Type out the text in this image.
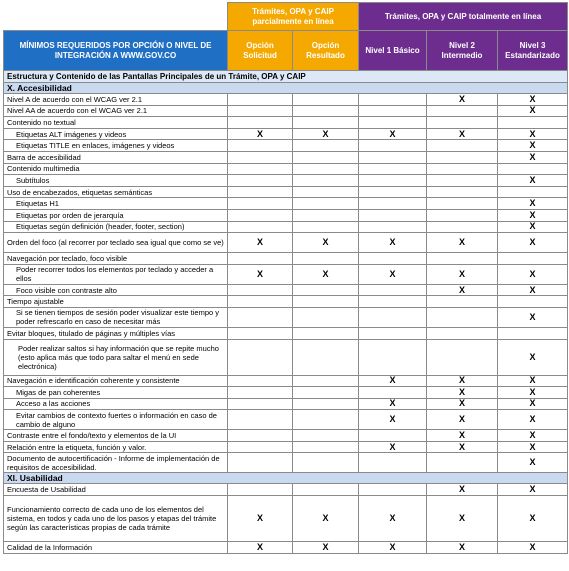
	Trámites, OPA y CAIP parcialmente en línea		Trámites, OPA y CAIP totalmente en línea		
MÍNIMOS REQUERIDOS POR OPCIÓN O NIVEL DE INTEGRACIÓN A WWW.GOV.CO	Opción Solicitud	Opción Resultado	Nivel 1 Básico	Nivel 2 Intermedio	Nivel 3 Estandarizado
Estructura y Contenido de las Pantallas Principales de un Trámite, OPA y CAIP					
X. Accesibilidad					
Nivel A de acuerdo con el WCAG ver 2.1				X	X
Nivel AA de acuerdo con el WCAG ver 2.1					X
Contenido no textual					
Etiquetas ALT imágenes y videos	X	X	X	X	X
Etiquetas TITLE en enlaces, imágenes y videos					X
Barra de accesibilidad					X
Contenido multimedia					
Subtítulos					X
Uso de encabezados, etiquetas semánticas					
Etiquetas H1					X
Etiquetas por orden de jerarquía					X
Etiquetas según definición (header, footer, section)					X
Orden del foco (al recorrer por teclado sea igual que como se ve)	X	X	X	X	X
Navegación por teclado, foco visible					
Poder recorrer todos los elementos por teclado y acceder a ellos	X	X	X	X	X
Foco visible con contraste alto				X	X
Tiempo ajustable					
Si se tienen tiempos de sesión poder visualizar este tiempo y poder refrescarlo en caso de necesitar más					X
Evitar bloques, titulado de páginas y múltiples vías					
Poder realizar saltos si hay información que se repite mucho (esto aplica más que todo para saltar el menú en sede electrónica)					X
Navegación e identificación coherente y consistente			X	X	X
Migas de pan coherentes				X	X
Acceso a las acciones			X	X	X
Evitar cambios de contexto fuertes o información en caso de cambio de alguno			X	X	X
Contraste entre el fondo/texto y elementos de la UI				X	X
Relación entre la etiqueta, función y valor.			X	X	X
Documento de autocertificación - Informe de implementación de requisitos de accesibilidad.					X
XI. Usabilidad					
Encuesta de Usabilidad				X	X
Funcionamiento correcto de cada uno de los elementos del sistema, en todos y cada uno de los pasos y etapas del trámite según las características propias de cada trámite	X	X	X	X	X
Calidad de la Información	X	X	X	X	X
